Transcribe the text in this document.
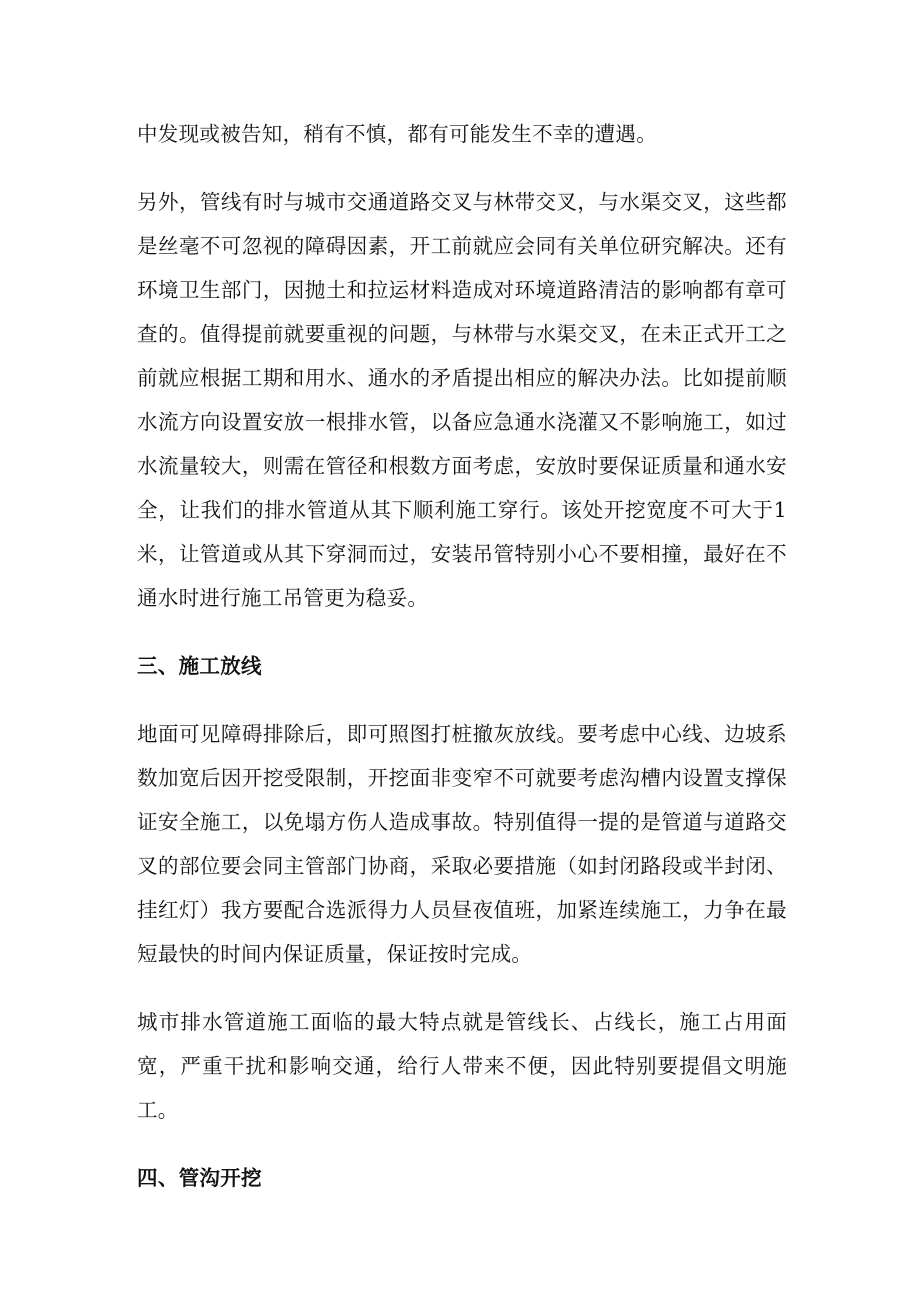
中发现或被告知，稍有不慎，都有可能发生不幸的遭遇。

另外，管线有时与城市交通道路交叉与林带交叉，与水渠交叉，这些都是丝毫不可忽视的障碍因素，开工前就应会同有关单位研究解决。还有环境卫生部门，因抛土和拉运材料造成对环境道路清洁的影响都有章可查的。值得提前就要重视的问题，与林带与水渠交叉，在未正式开工之前就应根据工期和用水、通水的矛盾提出相应的解决办法。比如提前顺水流方向设置安放一根排水管，以备应急通水浇灌又不影响施工，如过水流量较大，则需在管径和根数方面考虑，安放时要保证质量和通水安全，让我们的排水管道从其下顺利施工穿行。该处开挖宽度不可大于1米，让管道或从其下穿洞而过，安装吊管特别小心不要相撞，最好在不通水时进行施工吊管更为稳妥。

三、施工放线

地面可见障碍排除后，即可照图打桩撤灰放线。要考虑中心线、边坡系数加宽后因开挖受限制，开挖面非变窄不可就要考虑沟槽内设置支撑保证安全施工，以免塌方伤人造成事故。特别值得一提的是管道与道路交叉的部位要会同主管部门协商，采取必要措施（如封闭路段或半封闭、挂红灯）我方要配合选派得力人员昼夜值班，加紧连续施工，力争在最短最快的时间内保证质量，保证按时完成。

城市排水管道施工面临的最大特点就是管线长、占线长，施工占用面宽，严重干扰和影响交通，给行人带来不便，因此特别要提倡文明施工。

四、管沟开挖
